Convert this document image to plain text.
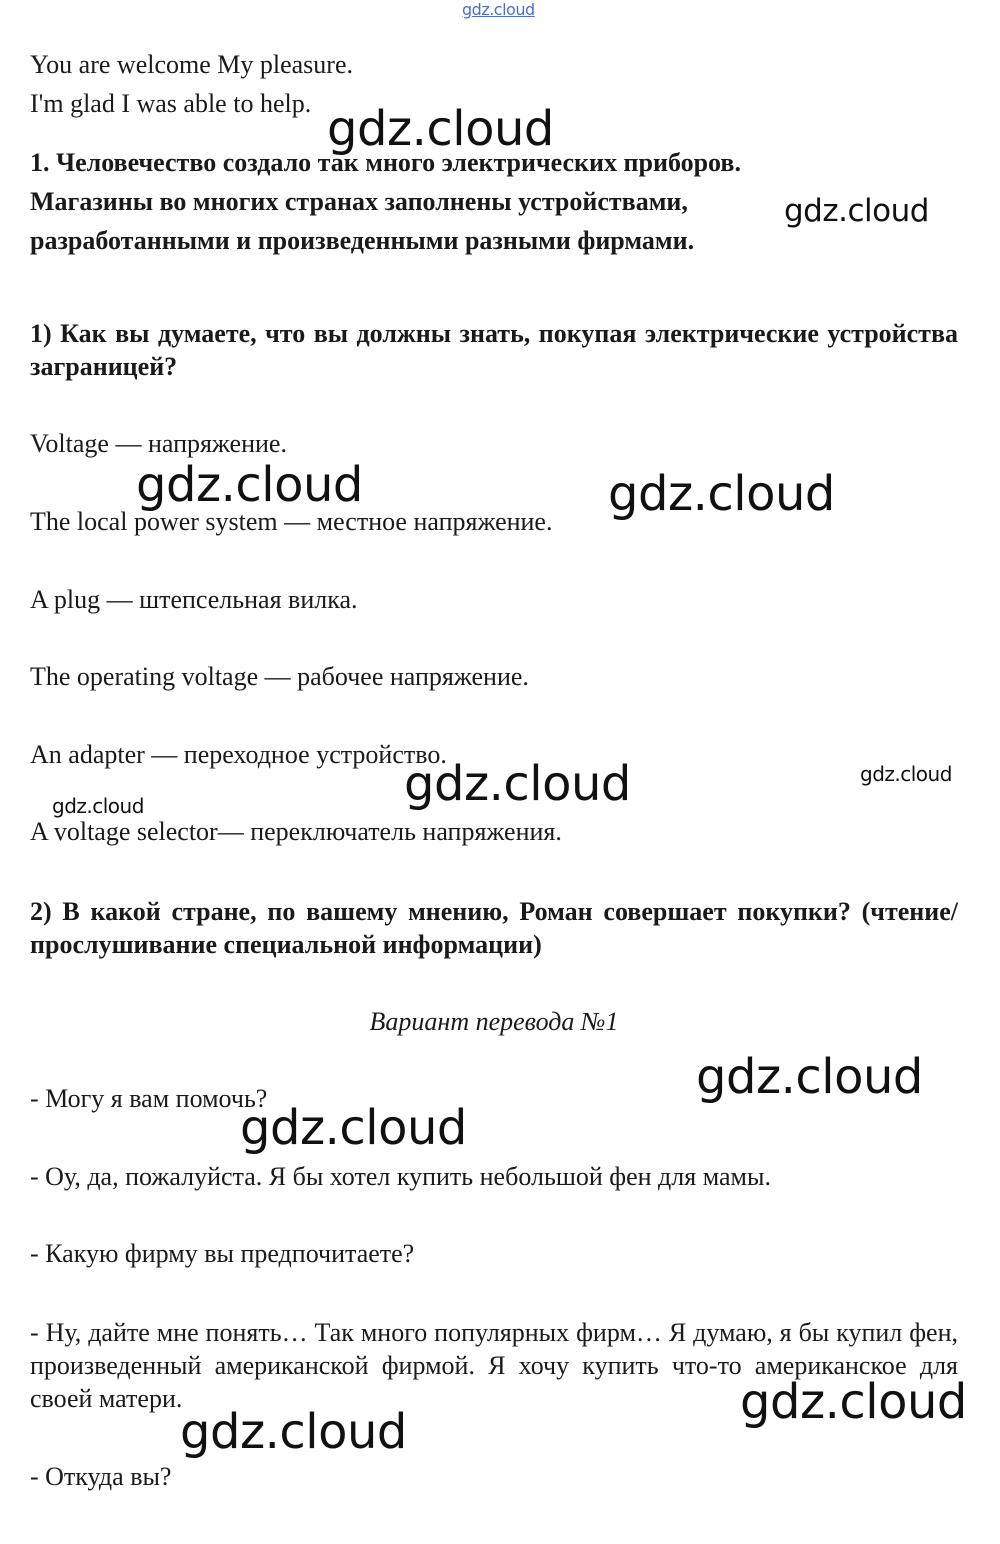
You are welcome My pleasure.
I'm glad I was able to help.
1. Человечество создало так много электрических приборов.
Магазины во многих странах заполнены устройствами,
разработанными и произведенными разными фирмами.
1) Как вы думаете, что вы должны знать, покупая электрические устройства заграницей?
Voltage — напряжение.
The local power system — местное напряжение.
A plug — штепсельная вилка.
The operating voltage — рабочее напряжение.
An adapter — переходное устройство.
A voltage selector— переключатель напряжения.
2) В какой стране, по вашему мнению, Роман совершает покупки? (чтение/прослушивание специальной информации)
Вариант перевода №1
- Могу я вам помочь?
- Оу, да, пожалуйста. Я бы хотел купить небольшой фен для мамы.
- Какую фирму вы предпочитаете?
- Ну, дайте мне понять… Так много популярных фирм… Я думаю, я бы купил фен, произведенный американской фирмой. Я хочу купить что-то американское для своей матери.
- Откуда вы?
gdz.cloud
gdz.cloud
gdz.cloud
gdz.cloud	gdz.cloud
gdz.cloud
gdz.cloud
gdz.cloud
gdz.cloud
gdz.cloud
gdz.cloud
gdz.cloud
